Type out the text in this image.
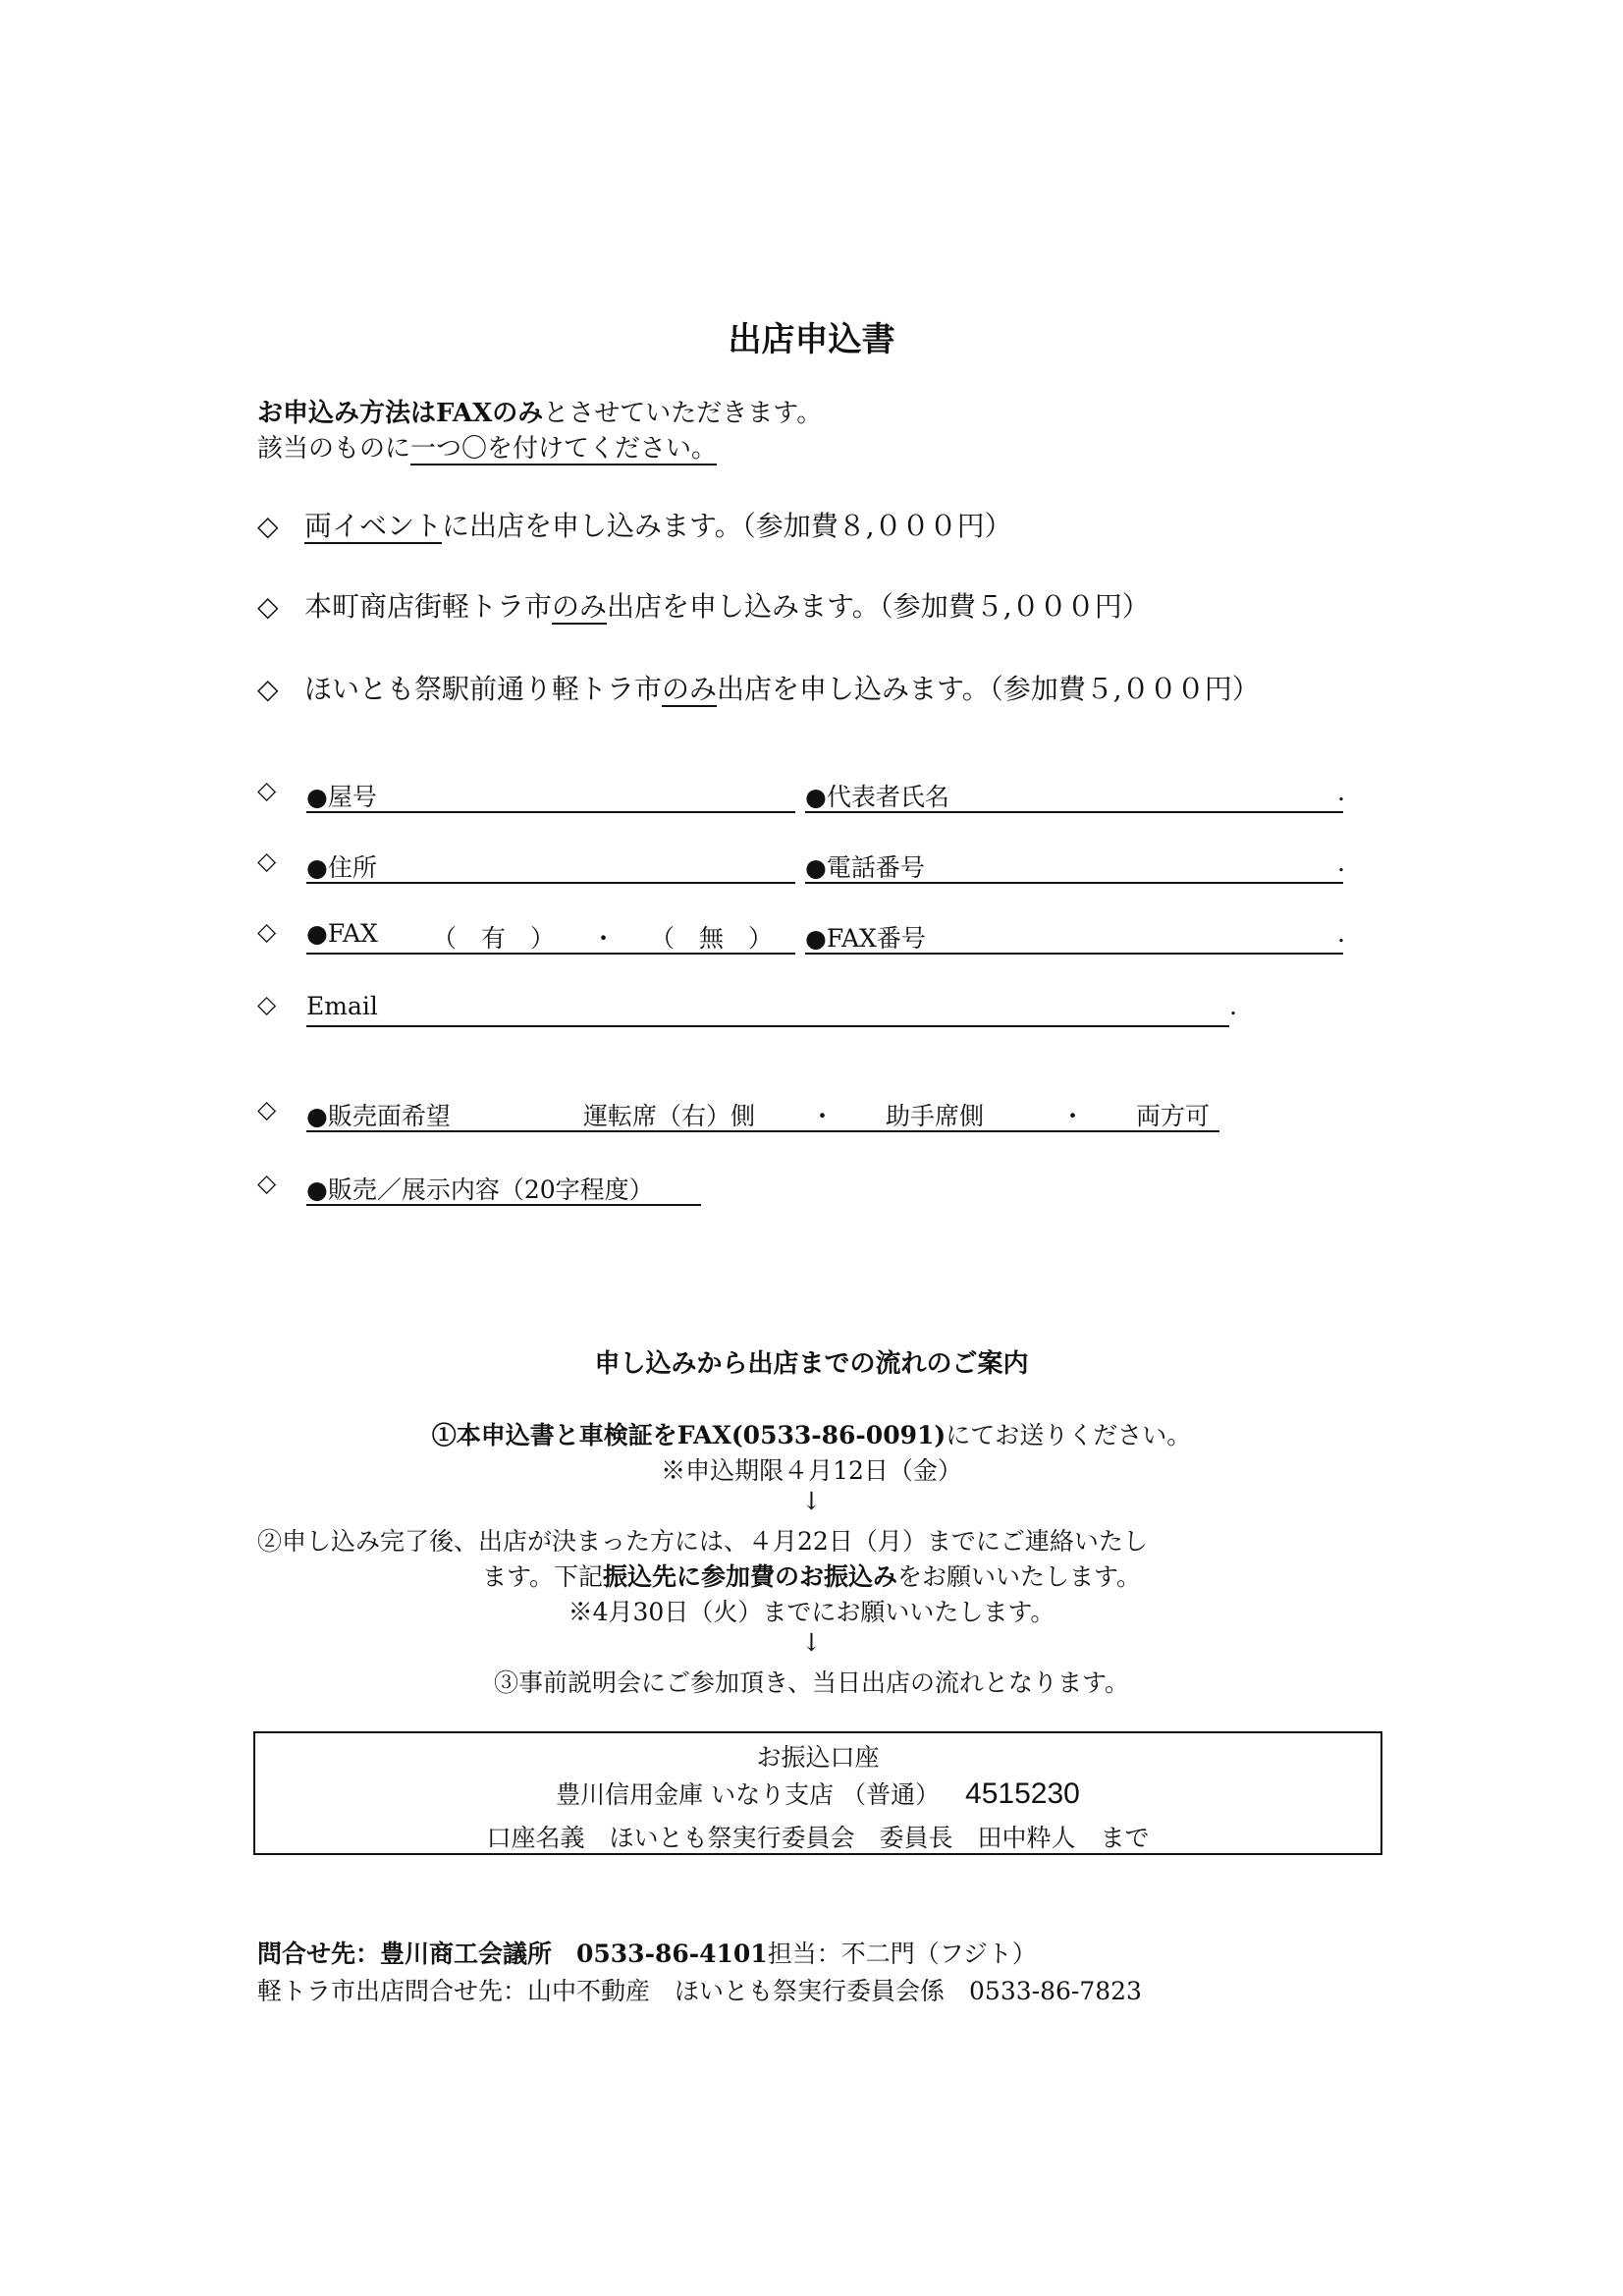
出店申込書
お申込み方法はFAXのみとさせていただきます。
該当のものに一つ〇を付けてください。
◇ 両イベントに出店を申し込みます。（参加費８,０００円）
◇ 本町商店街軽トラ市のみ出店を申し込みます。（参加費５,０００円）
◇ ほいとも祭駅前通り軽トラ市のみ出店を申し込みます。（参加費５,０００円）
◇	●屋号	●代表者氏名	.
◇	●住所	●電話番号	.
◇	●FAX （　有　） ・ （　無　） ●FAX番号	.
◇	Email	.
◇	●販売面希望	運転席（右）側 ・ 助手席側	・ 両方可
◇	●販売／展示内容（20字程度）
申し込みから出店までの流れのご案内
①本申込書と車検証をFAX(0533-86-0091)にてお送りください。
※申込期限４月12日（金）
↓
②申し込み完了後、出店が決まった方には、４月22日（月）までにご連絡いたし
ます。下記振込先に参加費のお振込みをお願いいたします。
※4月30日（火）までにお願いいたします。
↓
③事前説明会にご参加頂き、当日出店の流れとなります。
お振込口座
豊川信用金庫 いなり支店 （普通） 4515230
口座名義　ほいとも祭実行委員会　委員長　田中粋人　まで
問合せ先：豊川商工会議所　0533-86-4101担当：不二門（フジト）
軽トラ市出店問合せ先：山中不動産　ほいとも祭実行委員会係　0533-86-7823
